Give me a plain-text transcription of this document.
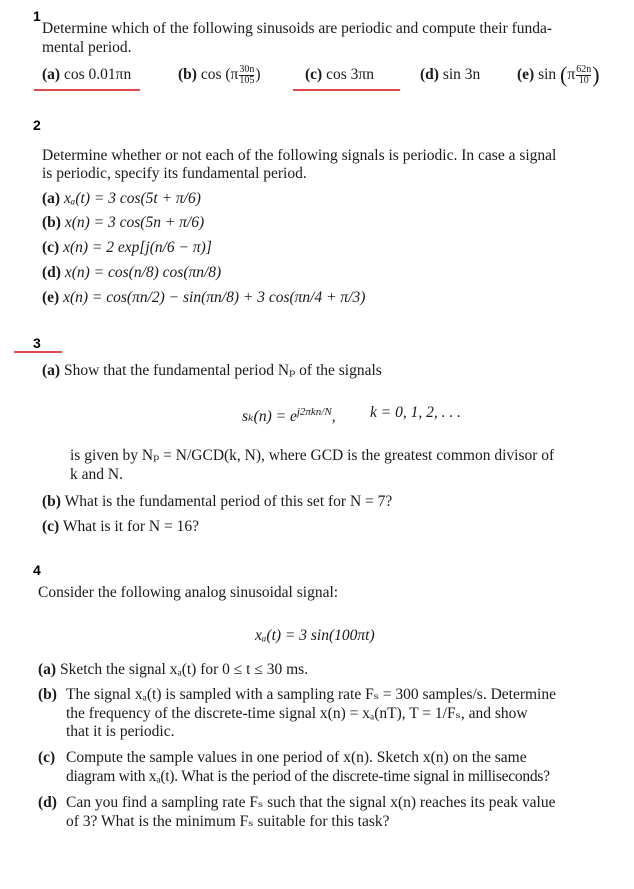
1
Determine which of the following sinusoids are periodic and compute their funda-
mental period.
(a) cos 0.01πn	(b) $\cos (\pi \frac{30n}{105}$ )	(c) cos 3πn	(d) sin 3n (e) $\sin (\pi \frac{62n}{10}$ )
2
Determine whether or not each of the following signals is periodic. In case a signal
is periodic, specify its fundamental period.
(a) xₐ(t) = 3 cos(5t + π/6)
(b) x(n) = 3 cos(5n + π/6)
(c) x(n) = 2 exp[j(n/6 − π)]
(d) x(n) = cos(n/8) cos(πn/8)
(e) x(n) = cos(πn/2) − sin(πn/8) + 3 cos(πn/4 + π/3)
3
(a) Show that the fundamental period Nₚ of the signals
$s_k(n) = e^{j2\pi kn/N}$, k = 0, 1, 2, . . .
is given by Nₚ = N/GCD(k, N), where GCD is the greatest common divisor of
k and N.
(b) What is the fundamental period of this set for N = 7?
(c) What is it for N = 16?
4
Consider the following analog sinusoidal signal:
xₐ(t) = 3 sin(100πt)
(a) Sketch the signal xₐ(t) for 0 ≤ t ≤ 30 ms.
(b) The signal xₐ(t) is sampled with a sampling rate Fₛ = 300 samples/s. Determine
the frequency of the discrete-time signal x(n) = xₐ(nT), T = 1/Fₛ, and show
that it is periodic.
(c) Compute the sample values in one period of x(n). Sketch x(n) on the same
diagram with xₐ(t). What is the period of the discrete-time signal in milliseconds?
(d) Can you find a sampling rate Fₛ such that the signal x(n) reaches its peak value
of 3? What is the minimum Fₛ suitable for this task?
